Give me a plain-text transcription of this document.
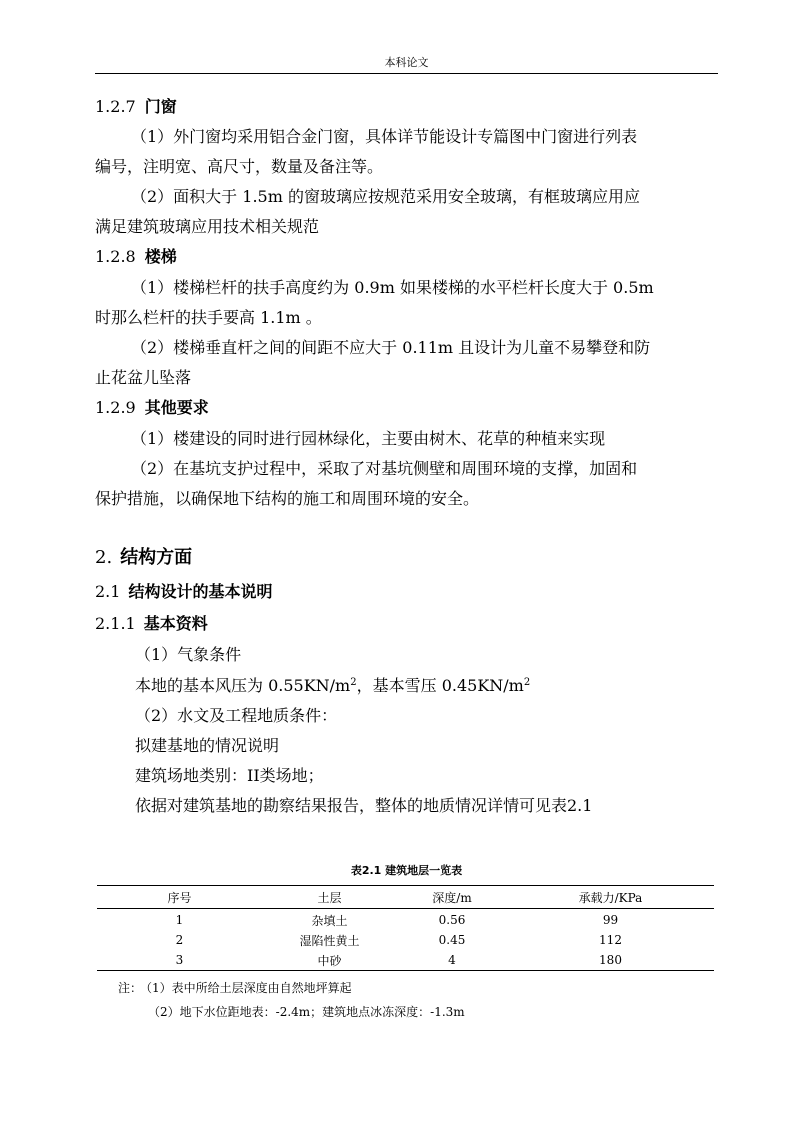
本科论文
1.2.7 门窗
（1）外门窗均采用铝合金门窗，具体详节能设计专篇图中门窗进行列表
编号，注明宽、高尺寸，数量及备注等。
（2）面积大于 1.5m 的窗玻璃应按规范采用安全玻璃，有框玻璃应用应
满足建筑玻璃应用技术相关规范
1.2.8 楼梯
（1）楼梯栏杆的扶手高度约为 0.9m 如果楼梯的水平栏杆长度大于 0.5m
时那么栏杆的扶手要高 1.1m 。
（2）楼梯垂直杆之间的间距不应大于 0.11m 且设计为儿童不易攀登和防
止花盆儿坠落
1.2.9 其他要求
（1）楼建设的同时进行园林绿化，主要由树木、花草的种植来实现
（2）在基坑支护过程中，采取了对基坑侧壁和周围环境的支撑，加固和
保护措施，以确保地下结构的施工和周围环境的安全。
2. 结构方面
2.1 结构设计的基本说明
2.1.1 基本资料
（1）气象条件
本地的基本风压为 $0.55KN/m^2$，基本雪压 $0.45KN/m^2$
（2）水文及工程地质条件：
拟建基地的情况说明
建筑场地类别：II类场地；
依据对建筑基地的勘察结果报告，整体的地质情况详情可见表2.1
表2.1 建筑地层一览表
序号	土层	深度/m	承载力/KPa
1	杂填土	0.56	99
2	湿陷性黄土	0.45	112
3	中砂	4	180
注： （1）表中所给土层深度由自然地坪算起
（2）地下水位距地表：-2.4m；建筑地点冰冻深度：-1.3m
